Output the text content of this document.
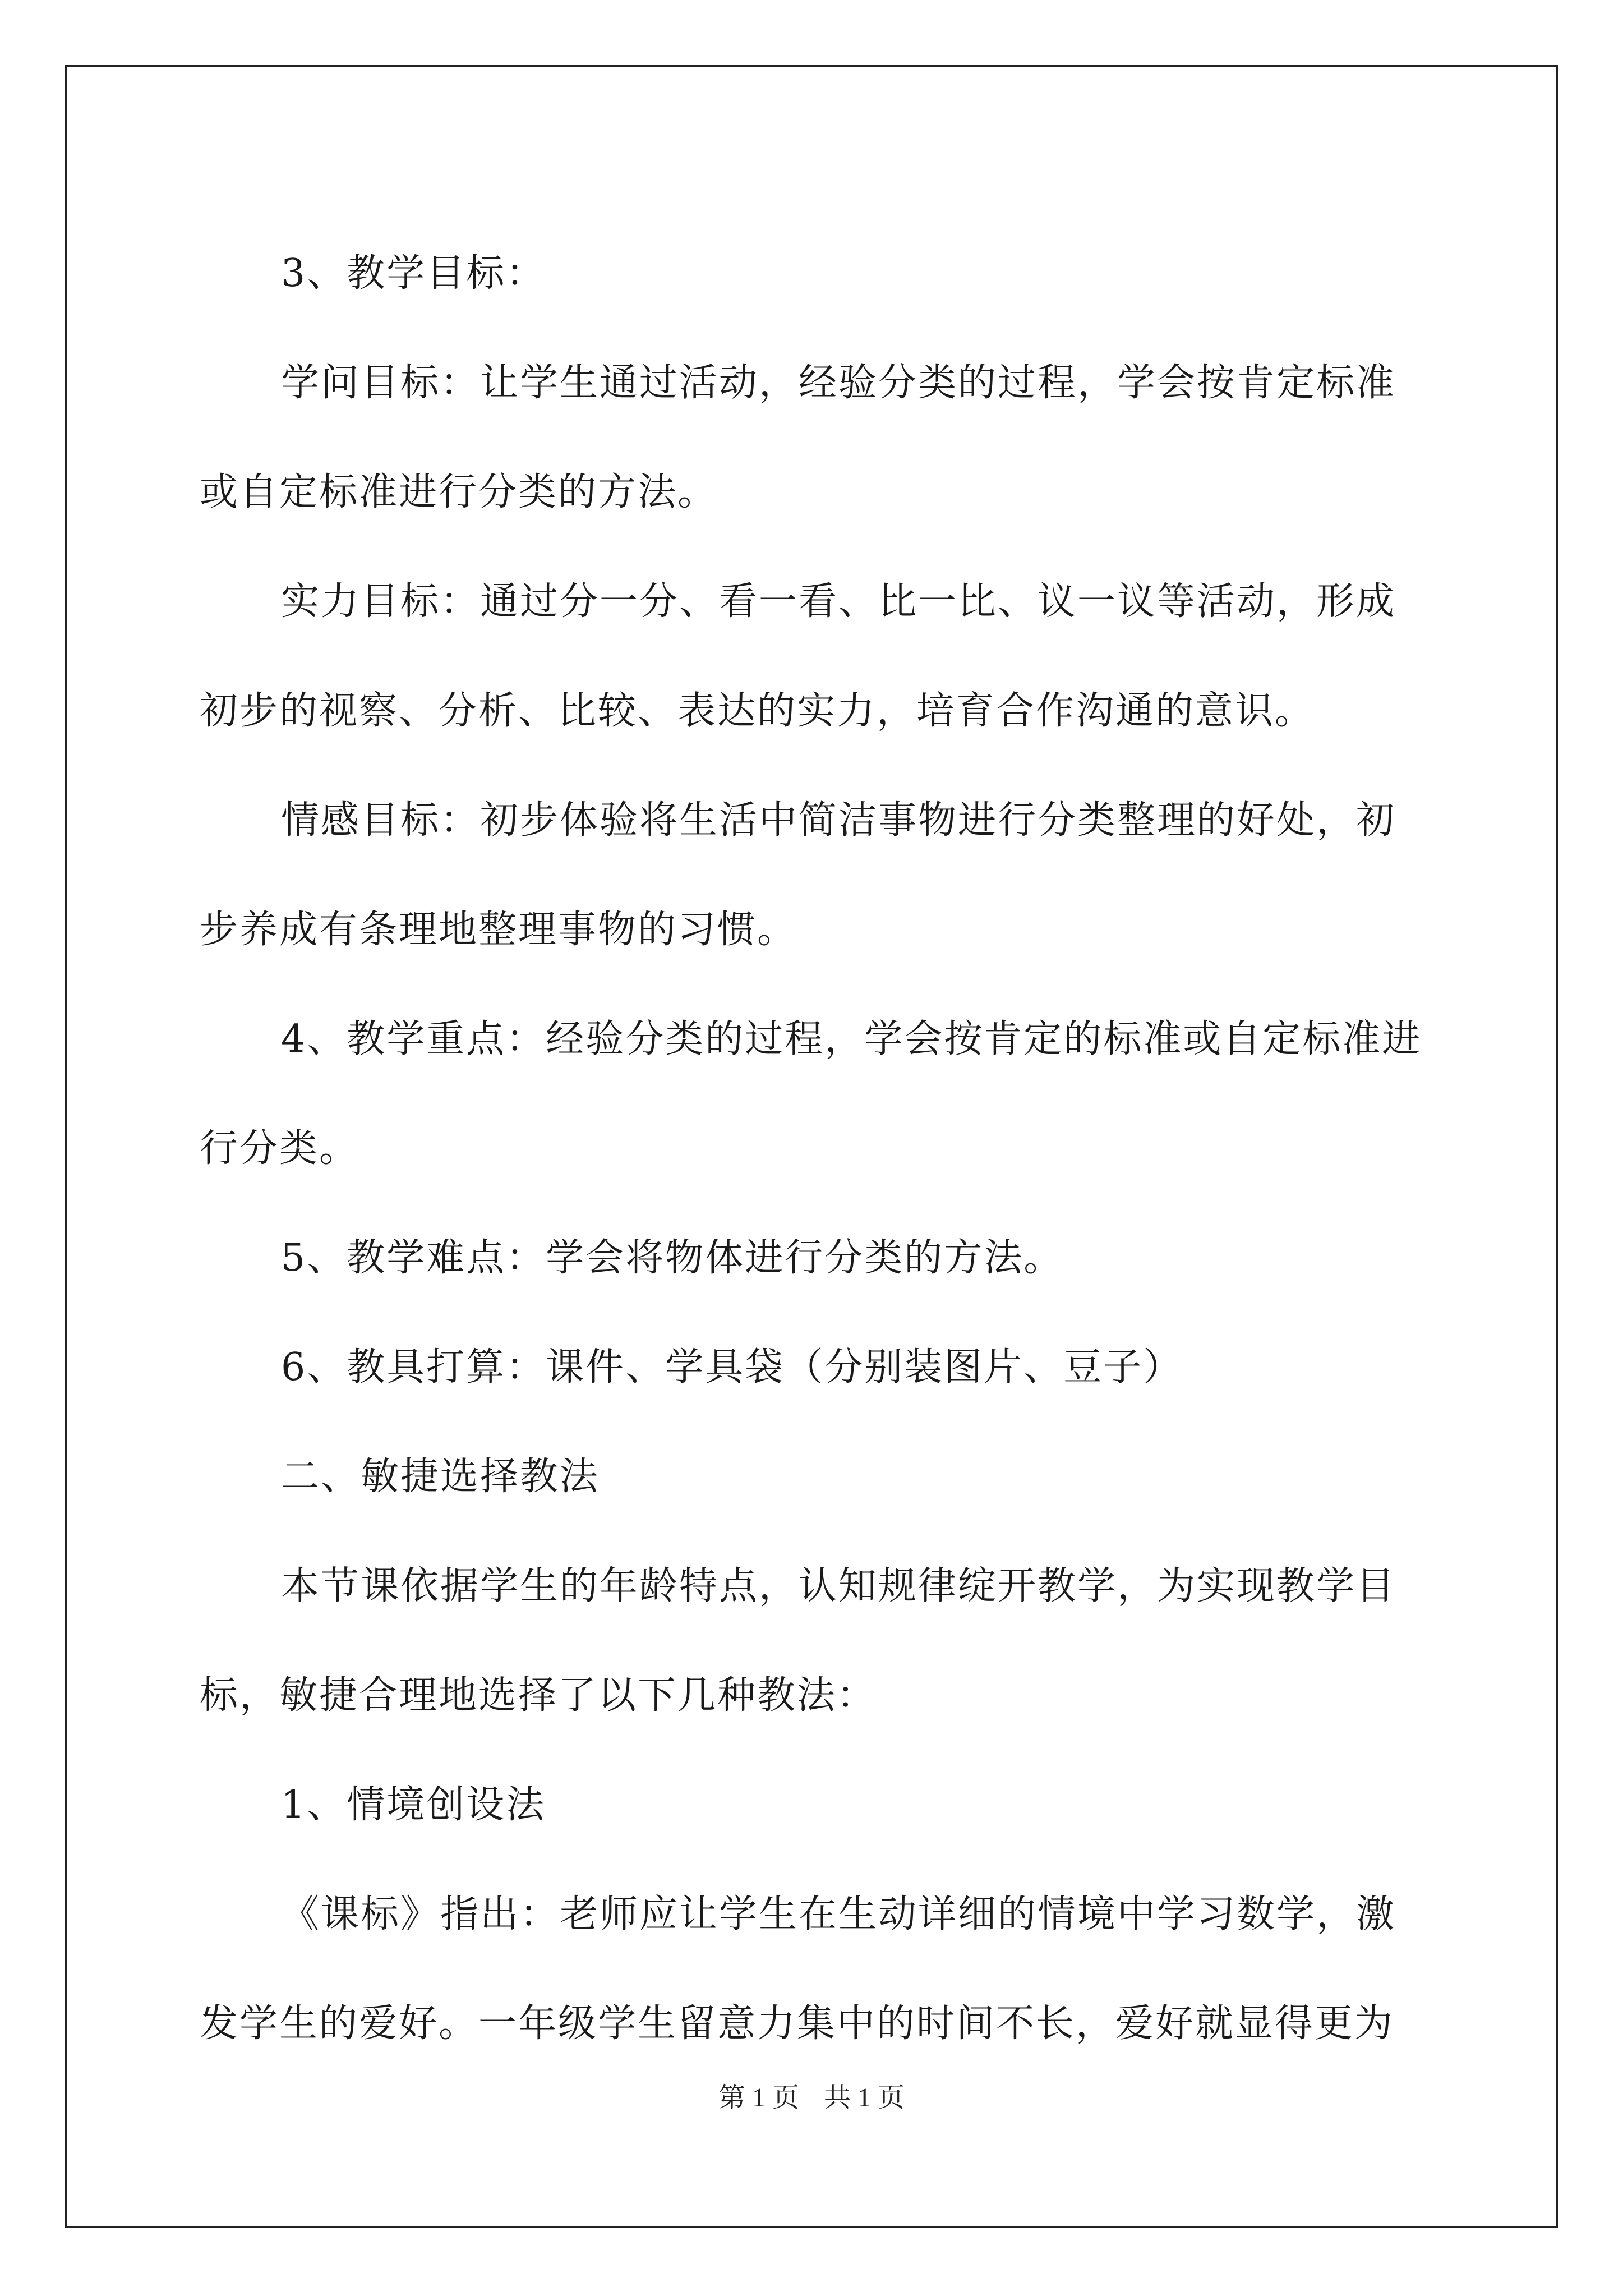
3、教学目标：

学问目标：让学生通过活动，经验分类的过程，学会按肯定标准
或自定标准进行分类的方法。

实力目标：通过分一分、看一看、比一比、议一议等活动，形成
初步的视察、分析、比较、表达的实力，培育合作沟通的意识。

情感目标：初步体验将生活中简洁事物进行分类整理的好处，初
步养成有条理地整理事物的习惯。

4、教学重点：经验分类的过程，学会按肯定的标准或自定标准进
行分类。

5、教学难点：学会将物体进行分类的方法。

6、教具打算：课件、学具袋（分别装图片、豆子）

二、敏捷选择教法

本节课依据学生的年龄特点，认知规律绽开教学，为实现教学目
标，敏捷合理地选择了以下几种教法：

1、情境创设法

《课标》指出：老师应让学生在生动详细的情境中学习数学，激
发学生的爱好。一年级学生留意力集中的时间不长，爱好就显得更为

第 1 页 共 1 页
